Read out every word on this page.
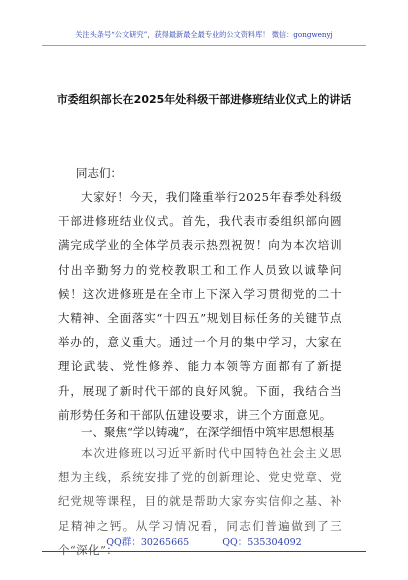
关注头条号“公文研究”，获得最新最全最专业的公文资料库！ 微信：gongwenyj
市委组织部长在2025年处科级干部进修班结业仪式上的讲话
同志们：

大家好！今天，我们隆重举行2025年春季处科级干部进修班结业仪式。首先，我代表市委组织部向圆满完成学业的全体学员表示热烈祝贺！向为本次培训付出辛勤努力的党校教职工和工作人员致以诚挚问候！这次进修班是在全市上下深入学习贯彻党的二十大精神、全面落实“十四五”规划目标任务的关键节点举办的，意义重大。通过一个月的集中学习，大家在理论武装、党性修养、能力本领等方面都有了新提升，展现了新时代干部的良好风貌。下面，我结合当前形势任务和干部队伍建设要求，讲三个方面意见。

一、聚焦“学以铸魂”，在深学细悟中筑牢思想根基

本次进修班以习近平新时代中国特色社会主义思想为主线，系统安排了党的创新理论、党史党章、党纪党规等课程，目的就是帮助大家夯实信仰之基、补足精神之钙。从学习情况看，同志们普遍做到了三个“深化”：

QQ群：30265665	QQ：535304092
